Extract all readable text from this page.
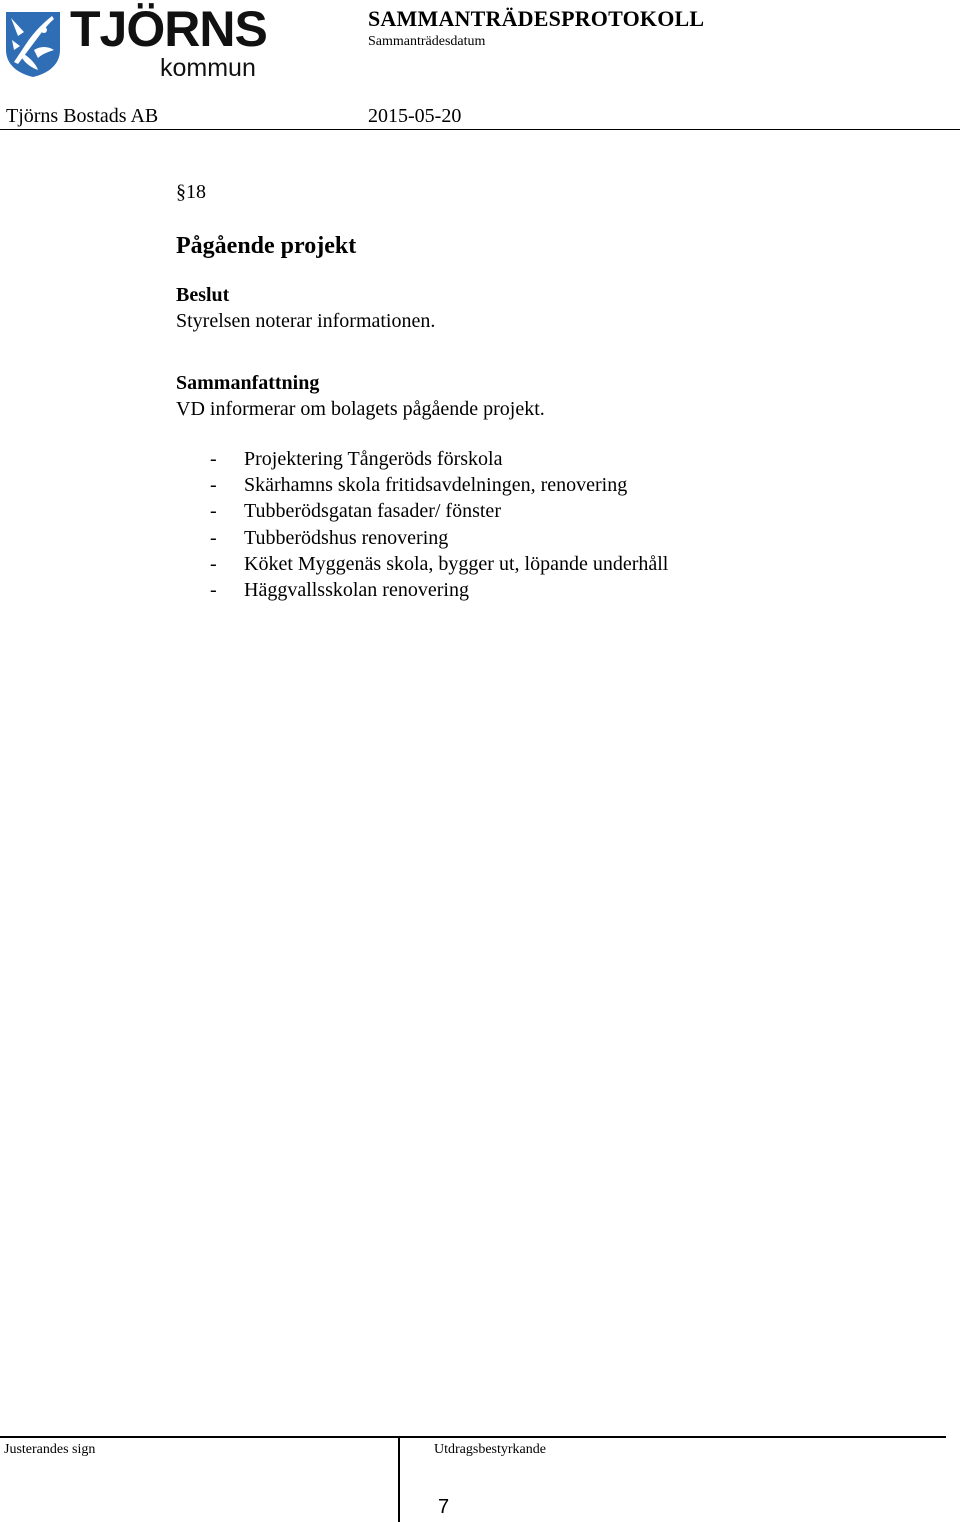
TJÖRNS
kommun
SAMMANTRÄDESPROTOKOLL
Sammanträdesdatum
Tjörns Bostads AB	2015-05-20

§18

Pågående projekt

Beslut

Styrelsen noterar informationen.

Sammanfattning

VD informerar om bolagets pågående projekt.

- Projektering Tångeröds förskola
- Skärhamns skola fritidsavdelningen, renovering
- Tubberödsgatan fasader/ fönster
- Tubberödshus renovering
- Köket Myggenäs skola, bygger ut, löpande underhåll
- Häggvallsskolan renovering
Justerandes sign	Utdragsbestyrkande
7
